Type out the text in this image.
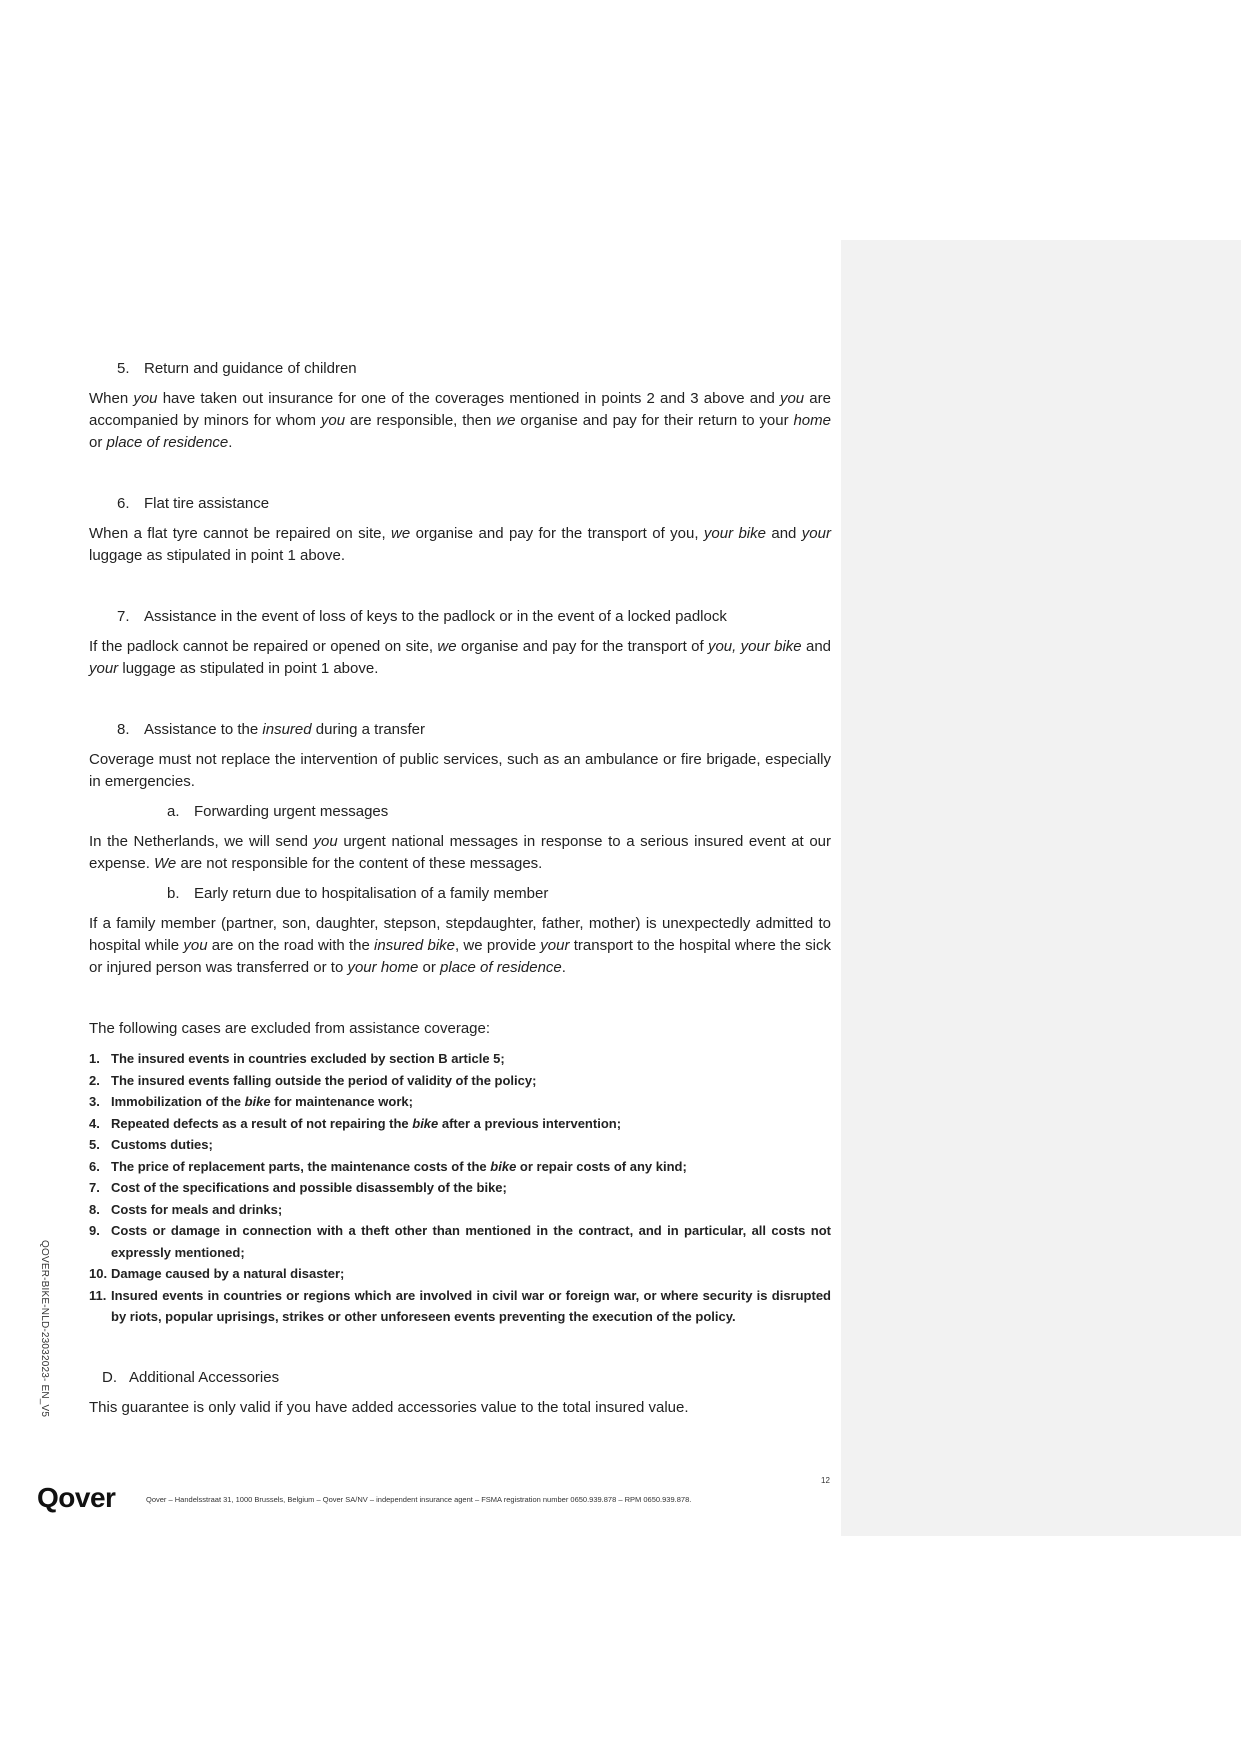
5. Return and guidance of children

When you have taken out insurance for one of the coverages mentioned in points 2 and 3 above and you are accompanied by minors for whom you are responsible, then we organise and pay for their return to your home or place of residence.

6. Flat tire assistance

When a flat tyre cannot be repaired on site, we organise and pay for the transport of you, your bike and your luggage as stipulated in point 1 above.

7. Assistance in the event of loss of keys to the padlock or in the event of a locked padlock

If the padlock cannot be repaired or opened on site, we organise and pay for the transport of you, your bike and your luggage as stipulated in point 1 above.

8. Assistance to the insured during a transfer

Coverage must not replace the intervention of public services, such as an ambulance or fire brigade, especially in emergencies.

a. Forwarding urgent messages

In the Netherlands, we will send you urgent national messages in response to a serious insured event at our expense. We are not responsible for the content of these messages.

b. Early return due to hospitalisation of a family member

If a family member (partner, son, daughter, stepson, stepdaughter, father, mother) is unexpectedly admitted to hospital while you are on the road with the insured bike, we provide your transport to the hospital where the sick or injured person was transferred or to your home or place of residence.

The following cases are excluded from assistance coverage:

1. The insured events in countries excluded by section B article 5;
2. The insured events falling outside the period of validity of the policy;
3. Immobilization of the bike for maintenance work;
4. Repeated defects as a result of not repairing the bike after a previous intervention;
5. Customs duties;
6. The price of replacement parts, the maintenance costs of the bike or repair costs of any kind;
7. Cost of the specifications and possible disassembly of the bike;
8. Costs for meals and drinks;
9. Costs or damage in connection with a theft other than mentioned in the contract, and in particular, all costs not expressly mentioned;
10. Damage caused by a natural disaster;
11. Insured events in countries or regions which are involved in civil war or foreign war, or where security is disrupted by riots, popular uprisings, strikes or other unforeseen events preventing the execution of the policy.
D. Additional Accessories

This guarantee is only valid if you have added accessories value to the total insured value.

QOVER-BIKE-NLD-23032023- EN_V5
12
Qover	Qover – Handelsstraat 31, 1000 Brussels, Belgium – Qover SA/NV – independent insurance agent – FSMA registration number 0650.939.878 – RPM 0650.939.878.
